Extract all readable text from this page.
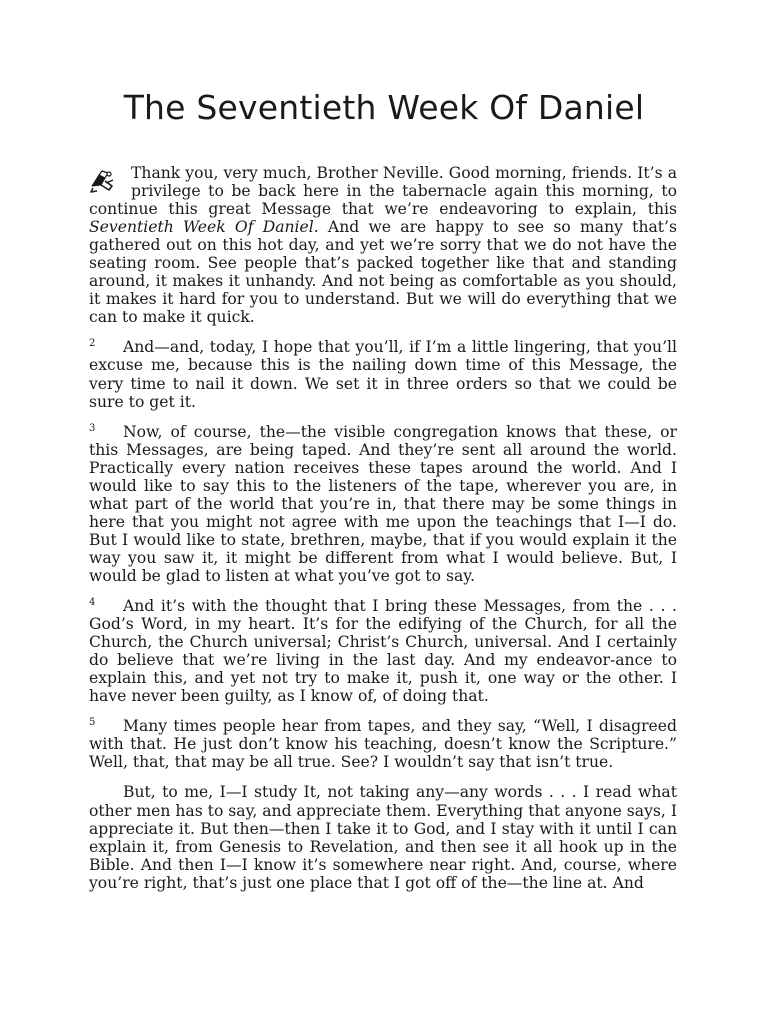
The Seventieth Week Of Daniel

Thank you, very much, Brother Neville. Good morning, friends. It’s a privilege to be back here in the tabernacle again this morning, to continue this great Message that we’re endeavoring to explain, this Seventieth Week Of Daniel. And we are happy to see so many that’s gathered out on this hot day, and yet we’re sorry that we do not have the seating room. See people that’s packed together like that and standing around, it makes it unhandy. And not being as comfortable as you should, it makes it hard for you to understand. But we will do everything that we can to make it quick.

2 And—and, today, I hope that you’ll, if I’m a little lingering, that you’ll excuse me, because this is the nailing down time of this Message, the very time to nail it down. We set it in three orders so that we could be sure to get it.

3 Now, of course, the—the visible congregation knows that these, or this Messages, are being taped. And they’re sent all around the world. Practically every nation receives these tapes around the world. And I would like to say this to the listeners of the tape, wherever you are, in what part of the world that you’re in, that there may be some things in here that you might not agree with me upon the teachings that I—I do. But I would like to state, brethren, maybe, that if you would explain it the way you saw it, it might be different from what I would believe. But, I would be glad to listen at what you’ve got to say.

4 And it’s with the thought that I bring these Messages, from the . . . God’s Word, in my heart. It’s for the edifying of the Church, for all the Church, the Church universal; Christ’s Church, universal. And I certainly do believe that we’re living in the last day. And my endeavor-ance to explain this, and yet not try to make it, push it, one way or the other. I have never been guilty, as I know of, of doing that.

5 Many times people hear from tapes, and they say, “Well, I disagreed with that. He just don’t know his teaching, doesn’t know the Scripture.” Well, that, that may be all true. See? I wouldn’t say that isn’t true.

But, to me, I—I study It, not taking any—any words . . . I read what other men has to say, and appreciate them. Everything that anyone says, I appreciate it. But then—then I take it to God, and I stay with it until I can explain it, from Genesis to Revelation, and then see it all hook up in the Bible. And then I—I know it’s somewhere near right. And, course, where you’re right, that’s just one place that I got off of the—the line at. And
